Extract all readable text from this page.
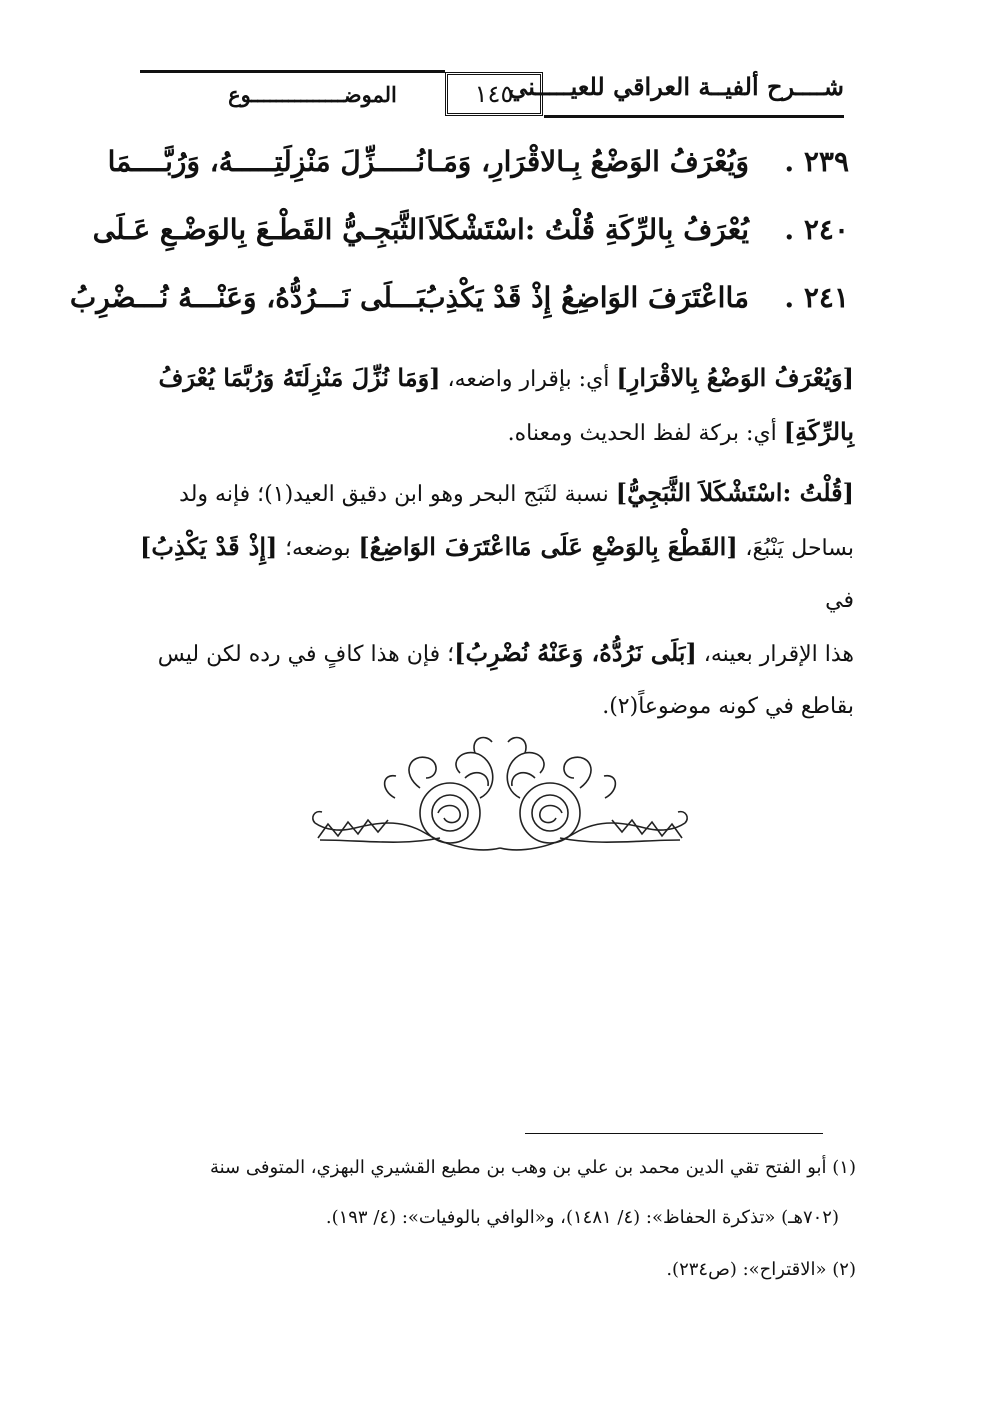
شــــرح ألفيــة العراقي للعيـــــني
الموضـــــــــــــــوع	١٤٥
٢٣٩ .
وَيُعْرَفُ الوَضْعُ بِـالاقْرَارِ، وَمَـا
نُـــــزِّلَ مَنْزِلَتِـــــهُ، وَرُبَّــــمَا
٢٤٠ .
يُعْرَفُ بِالرِّكَةِ قُلْتُ :اسْتَشْكَلاَ
الثَّبَجِـيُّ القَطْـعَ بِالوَضْـعِ عَـلَى
٢٤١ .
مَااعْتَرَفَ الوَاضِعُ إِذْ قَدْ يَكْذِبُ
بَـــلَى نَـــرُدُّهُ، وَعَنْـــهُ نُـــضْرِبُ
[وَيُعْرَفُ الوَضْعُ بِالاقْرَارِ] أي: بإقرار واضعه، [وَمَا نُزِّلَ مَنْزِلَتَهُ وَرُبَّمَا يُعْرَفُ
بِالرِّكَةِ] أي: بركة لفظ الحديث ومعناه.
[قُلْتُ :اسْتَشْكَلاَ الثَّبَجِيُّ] نسبة لثَبَج البحر وهو ابن دقيق العيد(١)؛ فإنه ولد
بساحل يَنْبُعَ، [القَطْعَ بِالوَضْعِ عَلَى مَااعْتَرَفَ الوَاضِعُ] بوضعه؛ [إِذْ قَدْ يَكْذِبُ] في
هذا الإقرار بعينه، [بَلَى نَرُدُّهُ، وَعَنْهُ نُضْرِبُ]؛ فإن هذا كافٍ في رده لكن ليس
بقاطع في كونه موضوعاً(٢).
(١) أبو الفتح تقي الدين محمد بن علي بن وهب بن مطيع القشيري البهزي، المتوفى سنة
(٧٠٢هـ) «تذكرة الحفاظ»: (٤/ ١٤٨١)، و«الوافي بالوفيات»: (٤/ ١٩٣).
(٢) «الاقتراح»: (ص٢٣٤).
